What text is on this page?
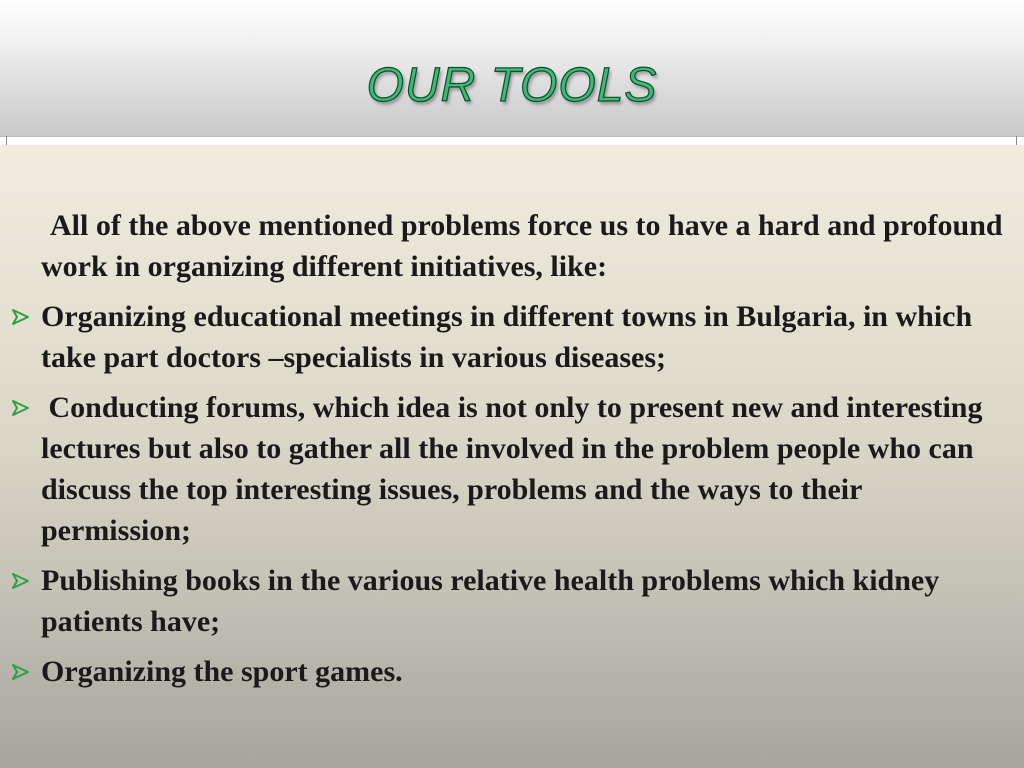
OUR TOOLS

All of the above mentioned problems force us to have a hard and profound work in organizing different initiatives, like:

Organizing educational meetings in different towns in Bulgaria, in which take part doctors –specialists in various diseases;
Conducting forums, which idea is not only to present new and interesting lectures but also to gather all the involved in the problem people who can discuss the top interesting issues, problems and the ways to their permission;
Publishing books in the various relative health problems which kidney patients have;
Organizing the sport games.
